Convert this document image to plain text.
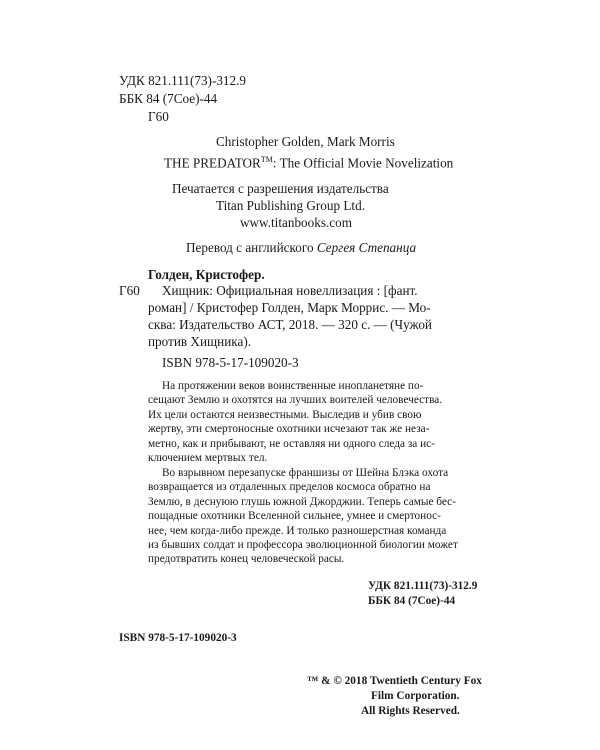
УДК 821.111(73)-312.9
ББК 84 (7Сое)-44
Г60
Christopher Golden, Mark Morris
THE PREDATOR™: The Official Movie Novelization
Печатается с разрешения издательства
Titan Publishing Group Ltd.
www.titanbooks.com
Перевод с английского Сергея Степанца
Голден, Кристофер.
Г60 Хищник: Официальная новеллизация : [фант.
роман] / Кристофер Голден, Марк Моррис. — Мо-
сква: Издательство АСТ, 2018. — 320 с. — (Чужой
против Хищника).
ISBN 978-5-17-109020-3
На протяжении веков воинственные инопланетяне по-
сещают Землю и охотятся на лучших воителей человечества.
Их цели остаются неизвестными. Выследив и убив свою
жертву, эти смертоносные охотники исчезают так же неза-
метно, как и прибывают, не оставляя ни одного следа за ис-
ключением мертвых тел.
Во взрывном перезапуске франшизы от Шейна Блэка охота
возвращается из отдаленных пределов космоса обратно на
Землю, в деснуюю глушь южной Джорджии. Теперь самые бес-
пощадные охотники Вселенной сильнее, умнее и смертонос-
нее, чем когда-либо прежде. И только разношерстная команда
из бывших солдат и профессора эволюционной биологии может
предотвратить конец человеческой расы.
УДК 821.111(73)-312.9
ББК 84 (7Сое)-44
ISBN 978-5-17-109020-3
™ & © 2018 Twentieth Century Fox
Film Corporation.
All Rights Reserved.
